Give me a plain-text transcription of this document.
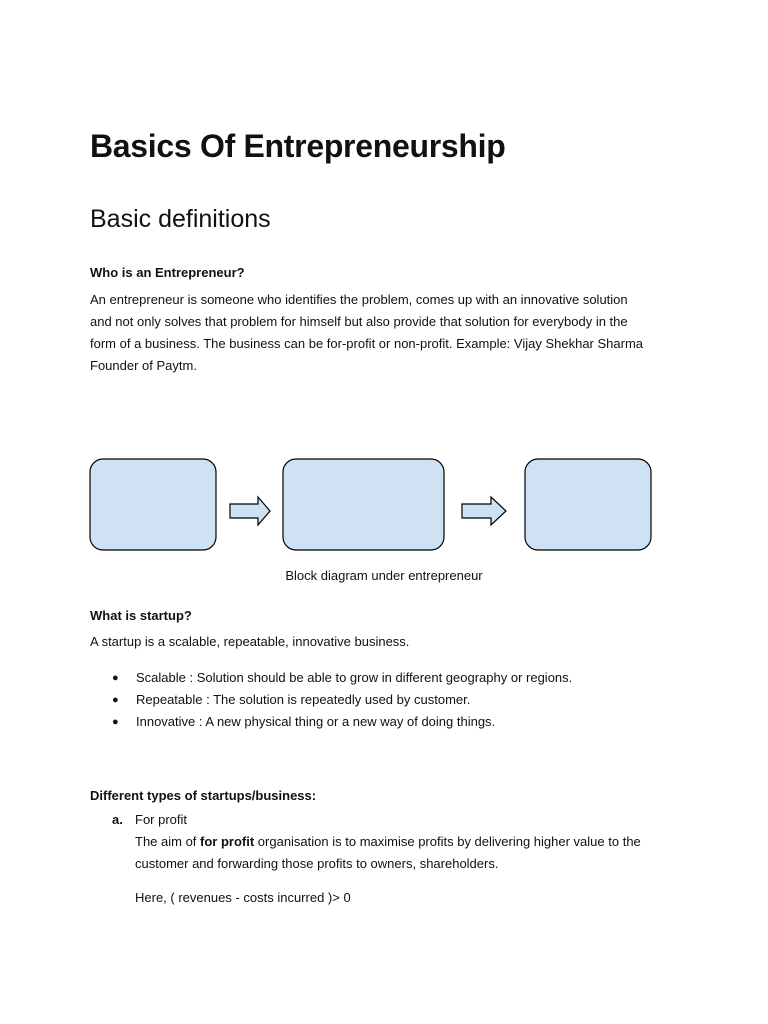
Basics Of Entrepreneurship
Basic definitions
Who is an Entrepreneur?
An entrepreneur is someone who identifies the problem, comes up with an innovative solution
and not only solves that problem for himself but also provide that solution for everybody in the
form of a business. The business can be for-profit or non-profit. Example: Vijay Shekhar Sharma
Founder of Paytm.
Block diagram under entrepreneur
What is startup?
A startup is a scalable, repeatable, innovative business.
● Scalable : Solution should be able to grow in different geography or regions.
● Repeatable : The solution is repeatedly used by customer.
● Innovative : A new physical thing or a new way of doing things.
Different types of startups/business:
a. For profit
The aim of for profit organisation is to maximise profits by delivering higher value to the
customer and forwarding those profits to owners, shareholders.
Here, ( revenues - costs incurred )> 0
